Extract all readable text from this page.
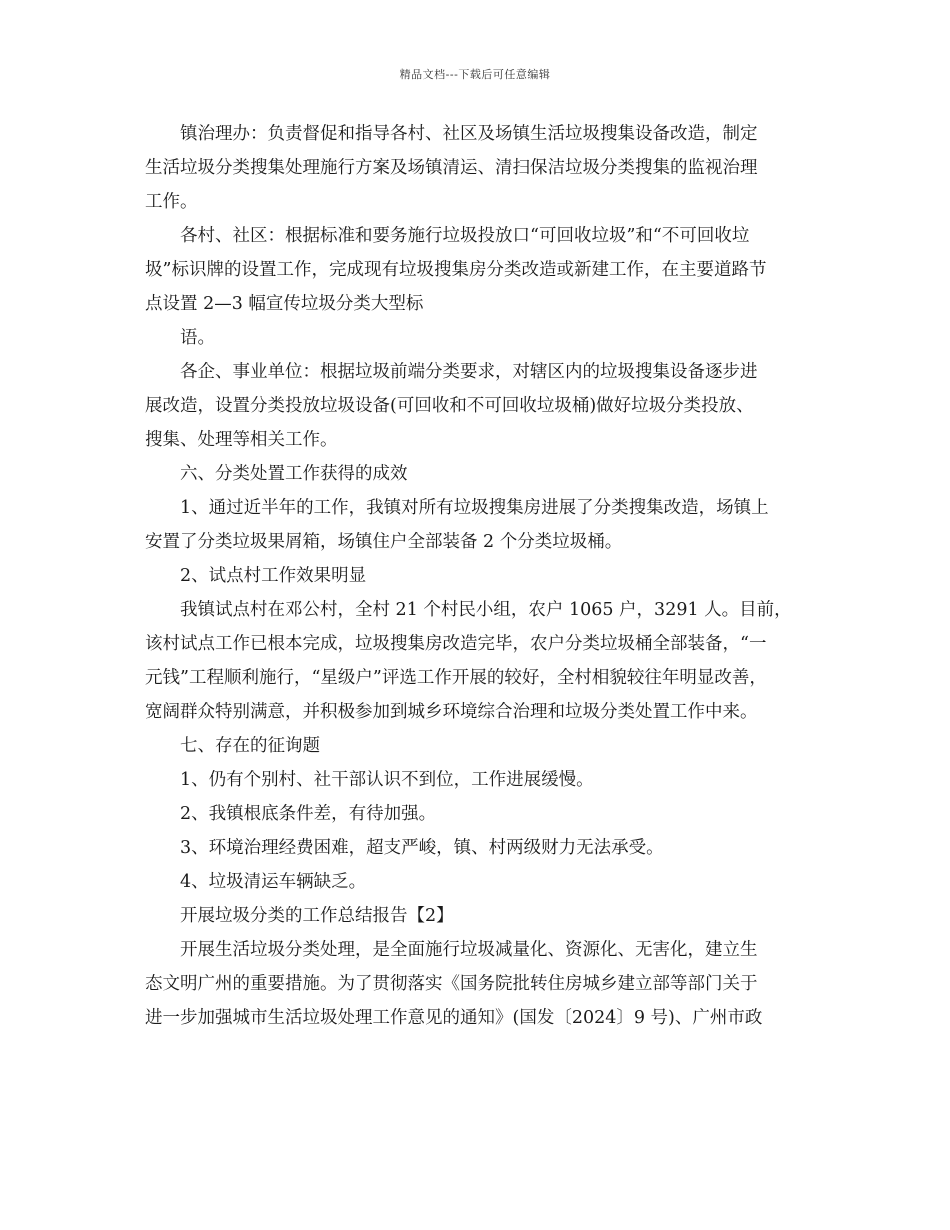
精品文档---下载后可任意编辑
镇治理办：负责督促和指导各村、社区及场镇生活垃圾搜集设备改造，制定
生活垃圾分类搜集处理施行方案及场镇清运、清扫保洁垃圾分类搜集的监视治理
工作。
各村、社区：根据标准和要务施行垃圾投放口“可回收垃圾”和“不可回收垃
圾”标识牌的设置工作，完成现有垃圾搜集房分类改造或新建工作，在主要道路节
点设置 2—3 幅宣传垃圾分类大型标
语。
各企、事业单位：根据垃圾前端分类要求，对辖区内的垃圾搜集设备逐步进
展改造，设置分类投放垃圾设备(可回收和不可回收垃圾桶)做好垃圾分类投放、
搜集、处理等相关工作。
六、分类处置工作获得的成效
1、通过近半年的工作，我镇对所有垃圾搜集房进展了分类搜集改造，场镇上
安置了分类垃圾果屑箱，场镇住户全部装备 2 个分类垃圾桶。
2、试点村工作效果明显
我镇试点村在邓公村，全村 21 个村民小组，农户 1065 户，3291 人。目前，
该村试点工作已根本完成，垃圾搜集房改造完毕，农户分类垃圾桶全部装备，“一
元钱”工程顺利施行，“星级户”评选工作开展的较好，全村相貌较往年明显改善，
宽阔群众特别满意，并积极参加到城乡环境综合治理和垃圾分类处置工作中来。
七、存在的征询题
1、仍有个别村、社干部认识不到位，工作进展缓慢。
2、我镇根底条件差，有待加强。
3、环境治理经费困难，超支严峻，镇、村两级财力无法承受。
4、垃圾清运车辆缺乏。
开展垃圾分类的工作总结报告【2】
开展生活垃圾分类处理，是全面施行垃圾减量化、资源化、无害化，建立生
态文明广州的重要措施。为了贯彻落实《国务院批转住房城乡建立部等部门关于
进一步加强城市生活垃圾处理工作意见的通知》(国发〔2024〕9 号)、广州市政
